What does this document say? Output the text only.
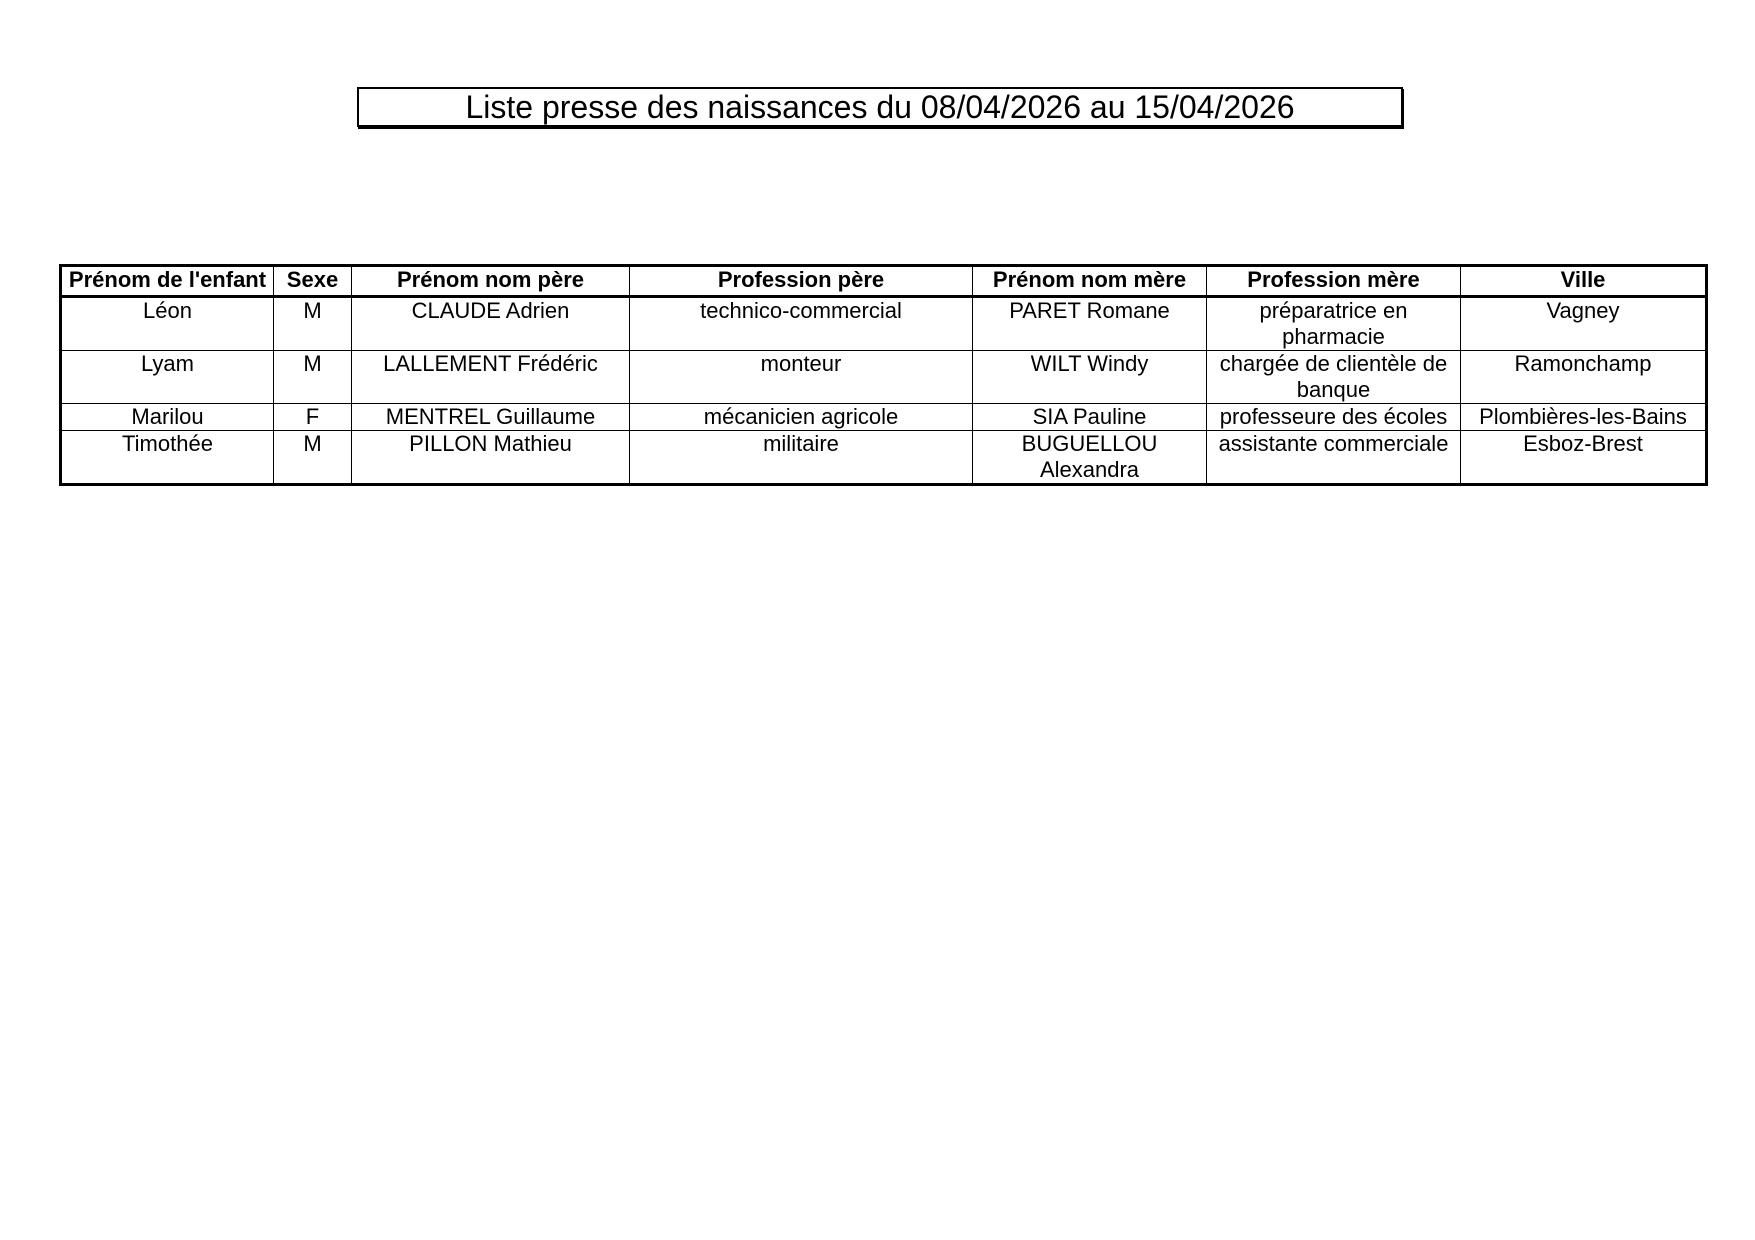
Liste presse des naissances du 08/04/2026 au 15/04/2026
Prénom de l'enfant	Sexe	Prénom nom père	Profession père	Prénom nom mère	Profession mère	Ville
Léon	M	CLAUDE Adrien	technico-commercial	PARET Romane	préparatrice en pharmacie	Vagney
Lyam	M	LALLEMENT Frédéric	monteur	WILT Windy	chargée de clientèle de banque	Ramonchamp
Marilou	F	MENTREL Guillaume	mécanicien agricole	SIA Pauline	professeure des écoles	Plombières-les-Bains
Timothée	M	PILLON Mathieu	militaire	BUGUELLOU Alexandra	assistante commerciale	Esboz-Brest
